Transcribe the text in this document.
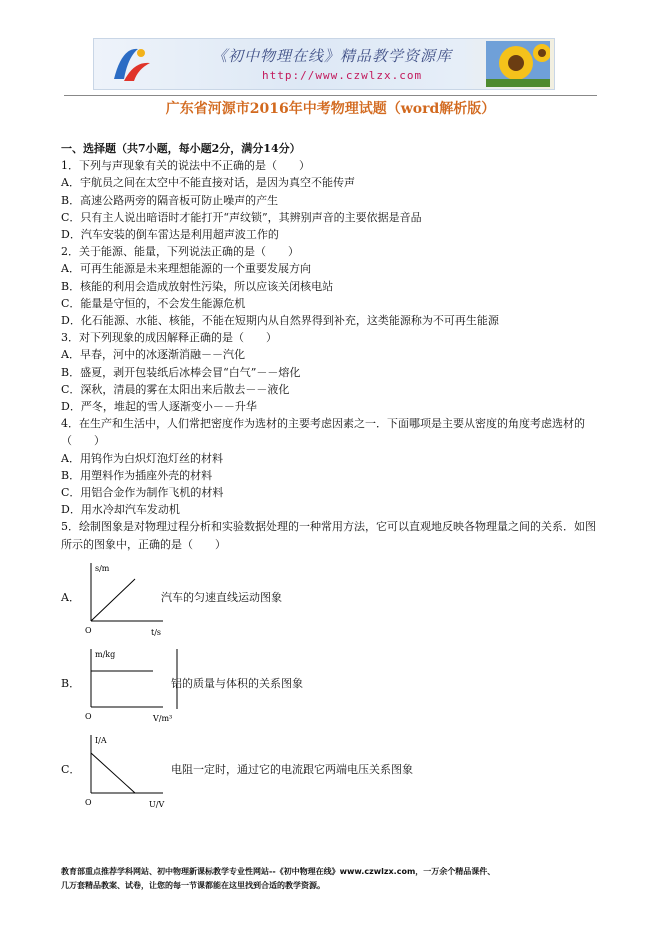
《初中物理在线》精品教学资源库
http://www.czwlzx.com
广东省河源市2016年中考物理试题（word解析版）
一、选择题（共7小题，每小题2分，满分14分）
1．下列与声现象有关的说法中不正确的是（　　）
A．宇航员之间在太空中不能直接对话，是因为真空不能传声
B．高速公路两旁的隔音板可防止噪声的产生
C．只有主人说出暗语时才能打开“声纹锁”，其辨别声音的主要依据是音品
D．汽车安装的倒车雷达是利用超声波工作的
2．关于能源、能量，下列说法正确的是（　　）
A．可再生能源是未来理想能源的一个重要发展方向
B．核能的利用会造成放射性污染，所以应该关闭核电站
C．能量是守恒的，不会发生能源危机
D．化石能源、水能、核能，不能在短期内从自然界得到补充，这类能源称为不可再生能源
3．对下列现象的成因解释正确的是（　　）
A．早春，河中的冰逐渐消融－－汽化
B．盛夏，剥开包装纸后冰棒会冒“白气”－－熔化
C．深秋，清晨的雾在太阳出来后散去－－液化
D．严冬，堆起的雪人逐渐变小－－升华
4．在生产和生活中，人们常把密度作为选材的主要考虑因素之一．下面哪项是主要从密度的角度考虑选材的（　　）
A．用钨作为白炽灯泡灯丝的材料
B．用塑料作为插座外壳的材料
C．用铝合金作为制作飞机的材料
D．用水冷却汽车发动机
5．绘制图象是对物理过程分析和实验数据处理的一种常用方法，它可以直观地反映各物理量之间的关系．如图所示的图象中，正确的是（　　）
A．
s/m
t/s
O
汽车的匀速直线运动图象
B．
m/kg
V/m³
O
铝的质量与体积的关系图象
C．
I/A
U/V
O
电阻一定时，通过它的电流跟它两端电压关系图象
教育部重点推荐学科网站、初中物理新课标教学专业性网站--《初中物理在线》www.czwlzx.com，一万余个精品课件、
几万套精品教案、试卷，让您的每一节课都能在这里找到合适的教学资源。
